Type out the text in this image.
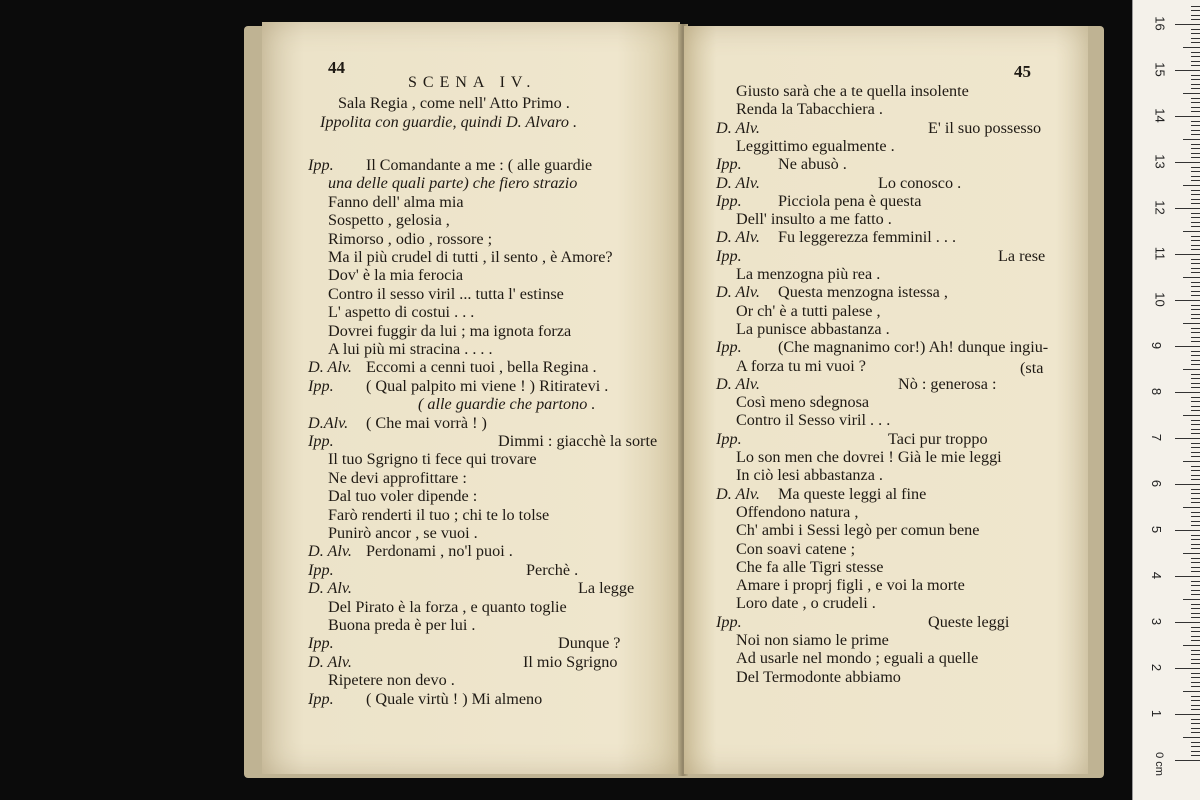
44
SCENA IV.
Sala Regia , come nell' Atto Primo .
Ippolita con guardie, quindi D. Alvaro .
Ipp. Il Comandante a me : ( alle guardie
una delle quali parte) che fiero strazio
Fanno dell' alma mia
Sospetto , gelosia ,
Rimorso , odio , rossore ;
Ma il più crudel di tutti , il sento , è Amore?
Dov' è la mia ferocia
Contro il sesso viril ... tutta l' estinse
L' aspetto di costui . . .
Dovrei fuggir da lui ; ma ignota forza
A lui più mi stracina . . . .
D. Alv. Eccomi a cenni tuoi , bella Regina .
Ipp. ( Qual palpito mi viene ! ) Ritiratevi .
( alle guardie che partono .
D.Alv. ( Che mai vorrà ! )
Ipp.	Dimmi : giacchè la sorte
Il tuo Sgrigno ti fece qui trovare
Ne devi approfittare :
Dal tuo voler dipende :
Farò renderti il tuo ; chi te lo tolse
Punirò ancor , se vuoi .
D. Alv. Perdonami , no'l puoi .
Ipp.	Perchè .
D. Alv.	La legge
Del Pirato è la forza , e quanto toglie
Buona preda è per lui .
Ipp.	Dunque ?
D. Alv.	Il mio Sgrigno
Ripetere non devo .
Ipp. ( Quale virtù ! ) Mi almeno
45
Giusto sarà che a te quella insolente
Renda la Tabacchiera .
D. Alv.	E' il suo possesso
Leggittimo egualmente .
Ipp. Ne abusò .
D. Alv.	Lo conosco .
Ipp. Picciola pena è questa
Dell' insulto a me fatto .
D. Alv. Fu leggerezza femminil . . .
Ipp.	La rese
La menzogna più rea .
D. Alv. Questa menzogna istessa ,
Or ch' è a tutti palese ,
La punisce abbastanza .
Ipp. (Che magnanimo cor!) Ah! dunque ingiu-
A forza tu mi vuoi ?
D. Alv.	Nò : generosa :
Così meno sdegnosa
Contro il Sesso viril . . .
Ipp.	Taci pur troppo
Lo son men che dovrei ! Già le mie leggi
In ciò lesi abbastanza .
D. Alv. Ma queste leggi al fine
Offendono natura ,
Ch' ambi i Sessi legò per comun bene
Con soavi catene ;
Che fa alle Tigri stesse
Amare i proprj figli , e voi la morte
Loro date , o crudeli .
Ipp.	Queste leggi
Noi non siamo le prime
Ad usarle nel mondo ; eguali a quelle
Del Termodonte abbiamo
(sta
1
2
3
4
5
6
7
8
9
10
11
12
13
14
15
16
0 cm
